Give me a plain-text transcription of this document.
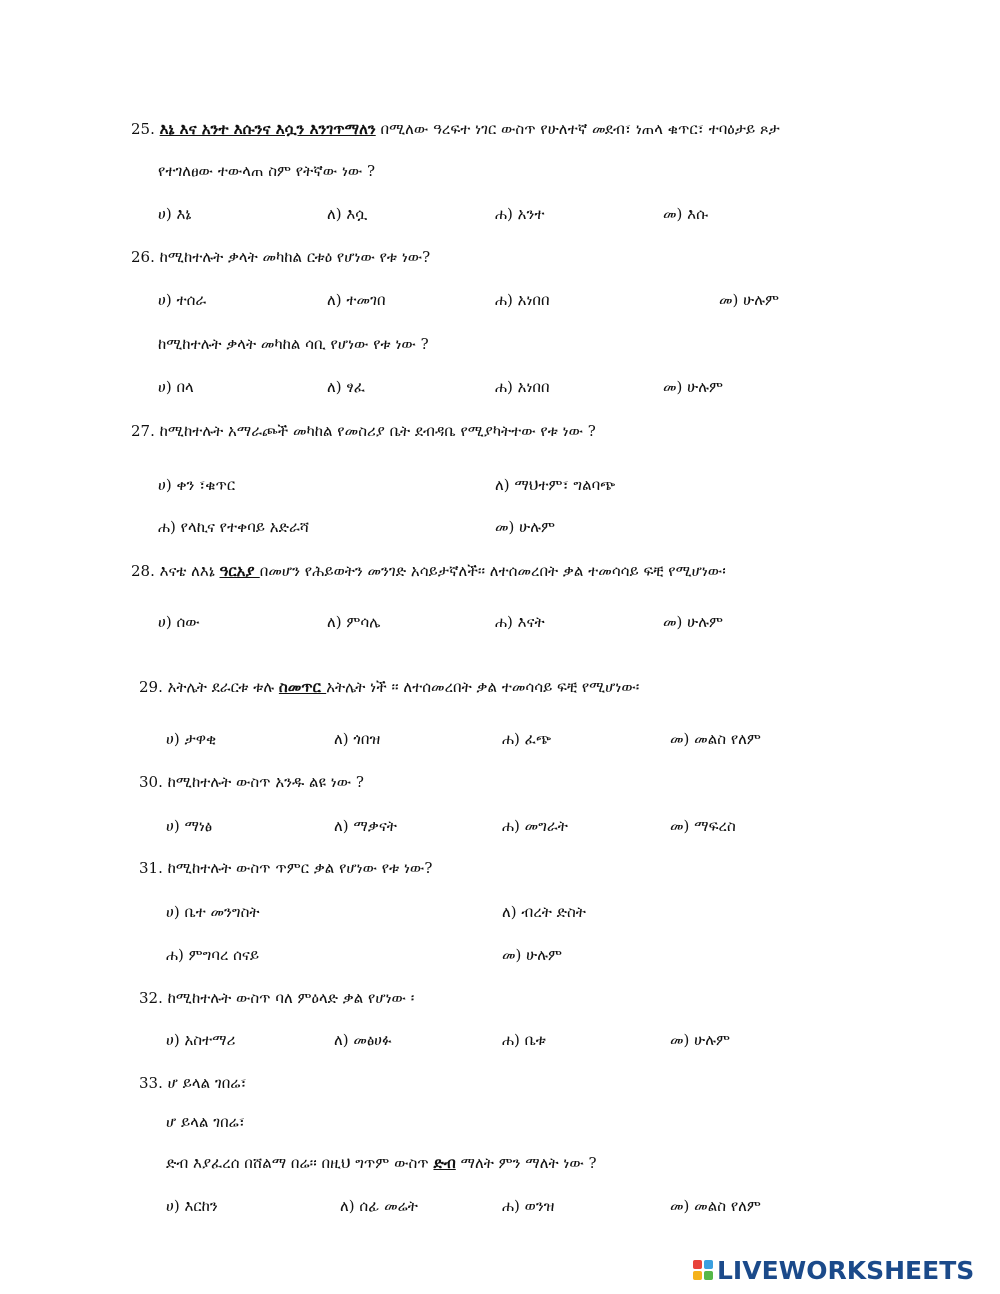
25. እኔ እና አንተ እሱንና እሷን እንገጥማለን በሚለው ዓረፍተ ነገር ውስጥ የሁለተኛ መደብ፣ ነጠላ ቁጥር፣ ተባዕታይ ጾታ
የተገለፀው ተውላጠ ስም የትኛው ነው ?
ሀ) እኔ	ለ) እሷ	ሐ) አንተ	መ) እሱ
26. ከሚከተሉት ቃላት መካከል ርቱዕ የሆነው የቱ ነው?
ሀ) ተሰራ	ለ) ተመገበ	ሐ) አነበበ	መ) ሁሉም
ከሚከተሉት ቃላት መካከል ሳቢ የሆነው የቱ ነው ?
ሀ) በላ	ለ) ፃፈ	ሐ) አነበበ	መ) ሁሉም
27. ከሚከተሉት አማራጮች መካከል የመስሪያ ቤት ደብዳቤ የሚያካትተው የቱ ነው ?
ሀ) ቀን ፣ቁጥር	ለ) ማህተም፣ ግልባጭ
ሐ) የላኪና የተቀባይ አድራሻ	መ) ሁሉም
28. እናቴ ለእኔ ዓርአያ በመሆን የሕይወትን መንገድ አሳይታኛለች፡፡ ለተሰመረበት ቃል ተመሳሳይ ፍቺ የሚሆነው፡
ሀ) ሰው	ለ) ምሳሌ	ሐ) እናት	መ) ሁሉም
29. አትሌት ደራርቱ ቱሉ ስመጥር አትሌት ነች ፡፡ ለተሰመረበት ቃል ተመሳሳይ ፍቺ የሚሆነው፡
ሀ) ታዋቂ	ለ) ጎበዝ	ሐ) ፈጭ	መ) መልስ የለም
30. ከሚከተሉት ውስጥ አንዱ ልዩ ነው ?
ሀ) ማነፅ	ለ) ማቃናት	ሐ) መግራት	መ) ማፍረስ
31. ከሚከተሉት ውስጥ ጥምር ቃል የሆነው የቱ ነው?
ሀ) ቤተ መንግስት	ለ) ብረት ድስት
ሐ) ምግባረ ሰናይ	መ) ሁሉም
32. ከሚከተሉት ውስጥ ባለ ምዕላድ ቃል የሆነው ፡
ሀ) አስተማሪ	ለ) መፅሀፉ	ሐ) ቤቱ	መ) ሁሉም
33. ሆ ይላል ገበሬ፣
ሆ ይላል ገበሬ፣
ድብ እያፈረሰ በሸልማ በሬ፡፡ በዚህ ግጥም ውስጥ ድብ ማለት ምን ማለት ነው ?
ሀ) እርከን	ለ) ሰፊ መሬት	ሐ) ወንዝ	መ) መልስ የለም
LIVEWORKSHEETS
